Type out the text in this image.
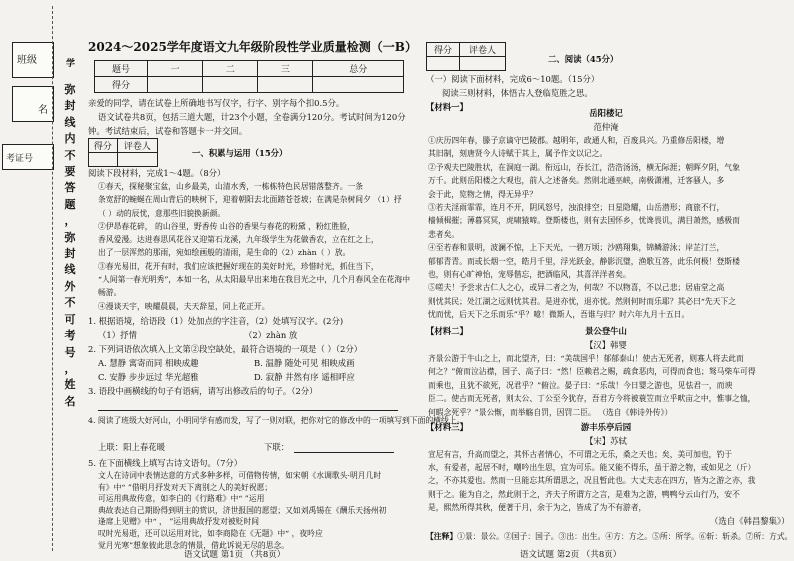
班级
名
考证号
弥
封
线
内
不
要
答
题
，
弥
封
线
外
不
可
考
号
，
姓
名
学
2024～2025学年度语文九年级阶段性学业质量检测（一B）
题号	一	二	三	总分
得分				
亲爱的同学，请在试卷上所确地书写仅字，行字、别字每个扣0.5分。
语文试卷共8页，包括三道大题，计23个小题，全卷满分120分。考试时间为120分
钟。考试结束后，试卷和答题卡一并交回。
得分	评卷人

一、积累与运用（15分）
阅读下段材料，完成1～4题。（8分）
①春天，探秘聚宝盆，山乡最美，山清水秀，一栋栋特色民居错落整齐。一条
条宽舒的蜿蜒在周山背后的映树下，迎着朝阳去北面踏苍苍坡；在满是杂树间夕 （1）抒
（ ）动的辰忧，意那些旧貌换新颜。
②伊昂春花碎， 的山谷里，野香传 山谷的香果与春花的粉黛 ，粉红胜脸，
香风爱漫。达进春思风花谷又迎第石龙溪，九年级学生为花做香农，立在红之上，
出了一层浑然的那雨，宛如绘画般的清雨，是生命的（2）zhàn（ ）放。
③春光易旧，花开有时，我们应该把握好现在的美好时光，珍惜时光，抓住当下，
“人间第一春光明秀”，本如一名，从太阳最早出来地在我目光之中，几个月春风全在花海中
畅游。
④漫谈天宇，映耀晨晨，夫天辞星，同上花正开。
1. 根据语境，给语段（1）处加点的字注音，（2）处填写汉字。(2分)
（1）抒情	（2）zhàn 放
2. 下列词语依次填入上文第②段空缺处，最符合语境的一项是（ ）（2分）
A. 慧静 寓寄而同 相映成趣	B. 温静 随处可见 相映成画
C. 安静 步步远过 华光超雅	D. 寂静 井然有序 遥相呼应
3. 语段中画横线的句子有语病，请写出修改后的句子。（2分）
4. 阅读了班级大好河山，小明同学有感而发，写了一则对联，把你对它的修改中的一项填写到下面的横线上。
上联：阳上春花暖	下联：
5. 在下面横线上填写古诗文语句。（7分）
文人在诗词中表情达意的方式多种多样，可借物传情，如宋朝《水调歌头·明月几时
有》中“ ”借明月抒发对天下离别之人的美好祝愿；
可运用典故传意，如李白的《行路难》中“ ”运用
典故表达自己期盼得到明主的赏识，济世报国的愿望；又如刘禹锡在《酬乐天扬州初
逢席上见赠》中“ ， ”运用典故抒发对被贬时间
叹时光易逝，还可以运用对比，如李商隐在《无题》中“ ，夜吟应
觉月光寒”想象彼此思念的情景，借此诉说无尽的思念。
语文试题 第1页 （共8页）
得分	评卷人

二、阅读（45分）
（一）阅读下面材料，完成6～10题。（15分）
阅读三则材料，体悟古人登临览胜之思。
【材料一】
岳阳楼记
范仲淹
①庆历四年春，滕子京谪守巴陵郡。越明年，政通人和，百废具兴。乃重修岳阳楼，增
其旧制，刻唐贤今人诗赋于其上，属予作文以记之。
②予观夫巴陵胜状，在洞庭一湖。衔远山，吞长江，浩浩汤汤，横无际涯；朝晖夕阴，气象
万千。此则岳阳楼之大观也，前人之述备矣。然则北通巫峡，南极潇湘，迁客骚人，多
会于此，览物之情，得无异乎？
③若夫淫雨霏霏，连月不开，阴风怒号，浊浪排空；日星隐耀，山岳潜形；商旅不行，
樯倾楫摧；薄暮冥冥，虎啸猿啼。登斯楼也，则有去国怀乡，忧谗畏讥，满目萧然，感极而
悲者矣。
④至若春和景明，波澜不惊，上下天光，一碧万顷；沙鸥翔集，锦鳞游泳；岸芷汀兰，
郁郁青青。而或长烟一空，皓月千里，浮光跃金，静影沉璧，渔歌互答，此乐何极！登斯楼
也，则有心旷神怡，宠辱偕忘，把酒临风，其喜洋洋者矣。
⑤嗟夫！予尝求古仁人之心，或异二者之为，何哉？不以物喜，不以己悲；居庙堂之高
则忧其民；处江湖之远则忧其君。是进亦忧，退亦忧。然则何时而乐耶？其必曰“先天下之
忧而忧，后天下之乐而乐”乎？噫！微斯人，吾谁与归？时六年九月十五日。
【材料二】	景公登牛山
【汉】韩婴
齐景公游于牛山之上，而北望齐，曰：“美哉国乎！郁郁泰山！使古无死者，则寡人将去此而
何之？”俯而泣沾襟，国子、高子曰：“然！臣赖君之赐，疏食恶肉，可得而食也；驽马柴车可得
而乘也，且犹不欲死，况君乎？”俯泣。晏子曰：“乐哉！今日婴之游也，见怯君一，而谀
臣二。使古而无死者，则太公、丁公至今犹存，吾君方今将被蓑笠而立乎畎亩之中，惟事之恤，
何暇念死乎？”景公惭，而举觞自罚，因罚二臣。 （选自《韩诗外传》）
【材料三】	游丰乐亭后园
【宋】苏轼
宣尼有言，升高而望之，其怀古者情心，不可谓之无乐，桑之天也；矣，美可加也，钓于
水，有爱者，起居不时，嘲吟出生思，宜为可乐。能又能不得乐，虽于游之物，或如见之（斤）
之，不亦其爱也。然而一旦能忘其所谓思之，况且暂此也。大丈夫志在四方，皆为之游之亦，我
则于之。能为自之，然此则于之，齐夫子所谓方之言，是难为之游，鸭鸭兮云山行乃，安不
是，熙然所得其秋，便著于月，余于为之，皆成了为不有游者，
（选自《韩昌黎集》）
【注释】①景：景公。②国子：国子。③出：出生。④方：方之。⑤所：所学。⑥斩：斩杀。⑦所：方式。
语文试题 第2页 （共8页）
